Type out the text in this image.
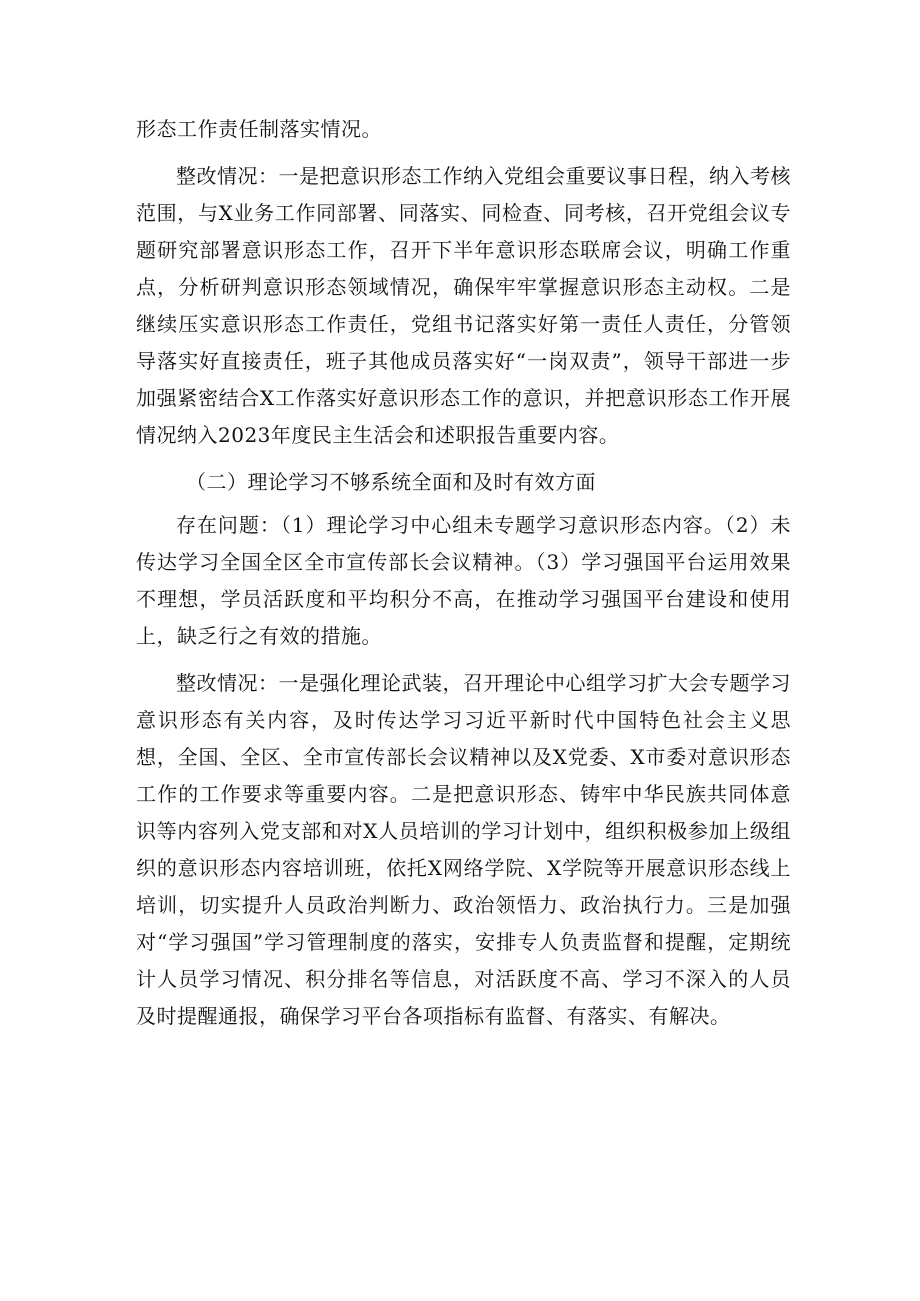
形态工作责任制落实情况。

整改情况：一是把意识形态工作纳入党组会重要议事日程，纳入考核范围，与X业务工作同部署、同落实、同检查、同考核，召开党组会议专题研究部署意识形态工作，召开下半年意识形态联席会议，明确工作重点，分析研判意识形态领域情况，确保牢牢掌握意识形态主动权。二是继续压实意识形态工作责任，党组书记落实好第一责任人责任，分管领导落实好直接责任，班子其他成员落实好“一岗双责”，领导干部进一步加强紧密结合X工作落实好意识形态工作的意识，并把意识形态工作开展情况纳入2023年度民主生活会和述职报告重要内容。

（二）理论学习不够系统全面和及时有效方面

存在问题：（1）理论学习中心组未专题学习意识形态内容。（2）未传达学习全国全区全市宣传部长会议精神。（3）学习强国平台运用效果不理想，学员活跃度和平均积分不高，在推动学习强国平台建设和使用上，缺乏行之有效的措施。

整改情况：一是强化理论武装，召开理论中心组学习扩大会专题学习意识形态有关内容，及时传达学习习近平新时代中国特色社会主义思想，全国、全区、全市宣传部长会议精神以及X党委、X市委对意识形态工作的工作要求等重要内容。二是把意识形态、铸牢中华民族共同体意识等内容列入党支部和对X人员培训的学习计划中，组织积极参加上级组织的意识形态内容培训班，依托X网络学院、X学院等开展意识形态线上培训，切实提升人员政治判断力、政治领悟力、政治执行力。三是加强对“学习强国”学习管理制度的落实，安排专人负责监督和提醒，定期统计人员学习情况、积分排名等信息，对活跃度不高、学习不深入的人员及时提醒通报，确保学习平台各项指标有监督、有落实、有解决。
